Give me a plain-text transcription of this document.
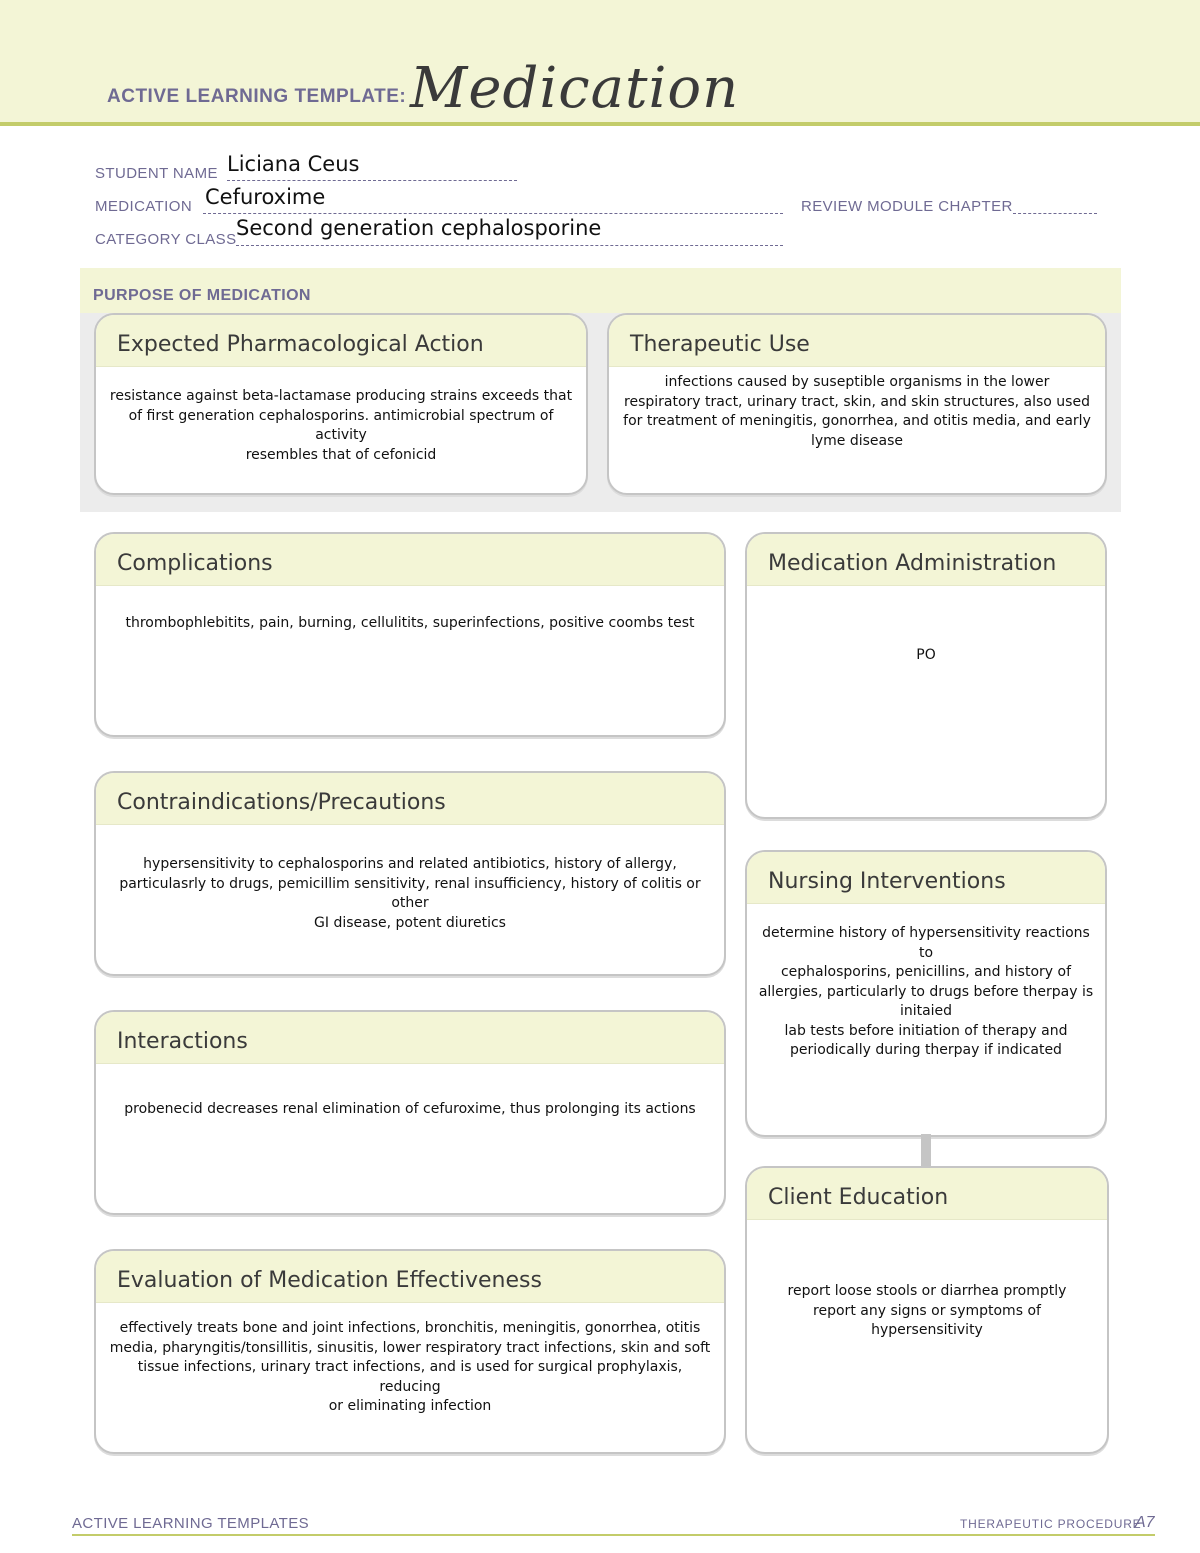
ACTIVE LEARNING TEMPLATE: Medication
STUDENT NAME Liciana Ceus
MEDICATION Cefuroxime	REVIEW MODULE CHAPTER
CATEGORY CLASS Second generation cephalosporine
PURPOSE OF MEDICATION
Expected Pharmacological Action
resistance against beta-lactamase producing strains exceeds that
of first generation cephalosporins. antimicrobial spectrum of activity
resembles that of cefonicid
Therapeutic Use
infections caused by suseptible organisms in the lower
respiratory tract, urinary tract, skin, and skin structures, also used
for treatment of meningitis, gonorrhea, and otitis media, and early
lyme disease
Complications
thrombophlebitits, pain, burning, cellulitits, superinfections, positive coombs test
Contraindications/Precautions
hypersensitivity to cephalosporins and related antibiotics, history of allergy,
particulasrly to drugs, pemicillim sensitivity, renal insufficiency, history of colitis or other
GI disease, potent diuretics
Interactions
probenecid decreases renal elimination of cefuroxime, thus prolonging its actions
Evaluation of Medication Effectiveness
effectively treats bone and joint infections, bronchitis, meningitis, gonorrhea, otitis
media, pharyngitis/tonsillitis, sinusitis, lower respiratory tract infections, skin and soft
tissue infections, urinary tract infections, and is used for surgical prophylaxis, reducing
or eliminating infection
Medication Administration
PO
Nursing Interventions
determine history of hypersensitivity reactions to
cephalosporins, penicillins, and history of
allergies, particularly to drugs before therpay is
initaied
lab tests before initiation of therapy and
periodically during therpay if indicated
Client Education
report loose stools or diarrhea promptly
report any signs or symptoms of
hypersensitivity
ACTIVE LEARNING TEMPLATES	THERAPEUTIC PROCEDURE
A7
